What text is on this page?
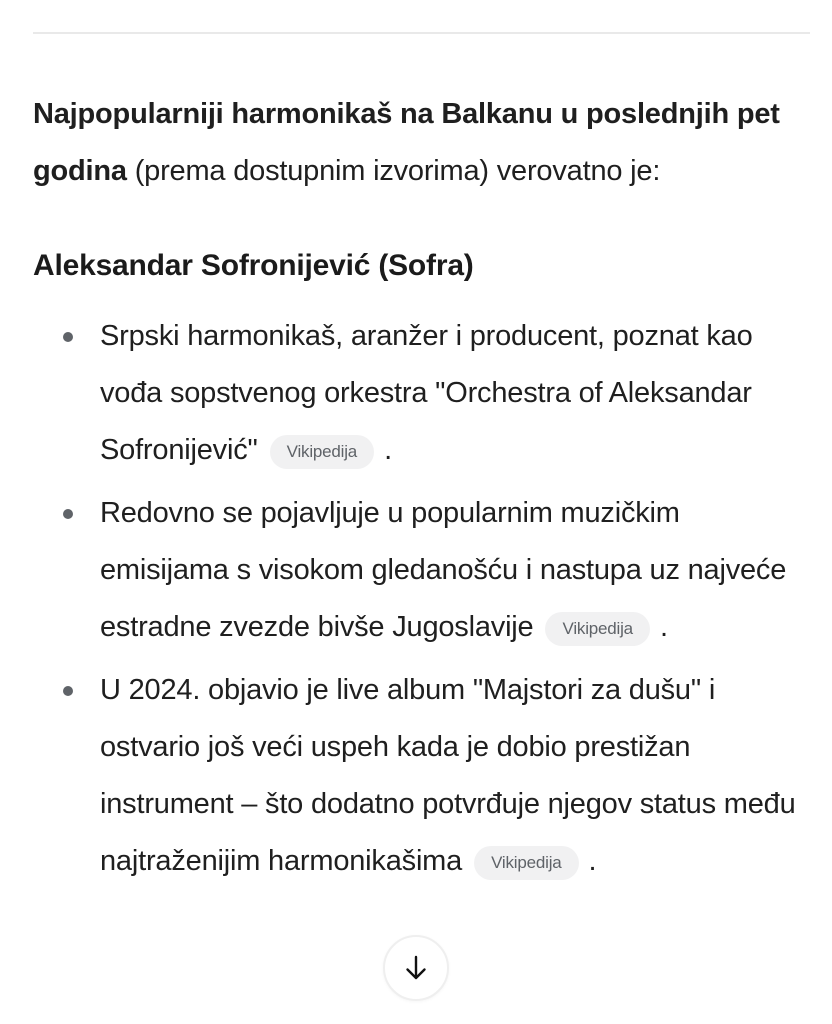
Najpopularniji harmonikaš na Balkanu u poslednjih pet godina (prema dostupnim izvorima) verovatno je:

Aleksandar Sofronijević (Sofra)
Srpski harmonikaš, aranžer i producent, poznat kao vođa sopstvenog orkestra "Orchestra of Aleksandar Sofronijević" Vikipedija .
Redovno se pojavljuje u popularnim muzičkim emisijama s visokom gledanošću i nastupa uz najveće estradne zvezde bivše Jugoslavije Vikipedija .
U 2024. objavio je live album "Majstori za dušu" i ostvario još veći uspeh kada je dobio prestižan instrument – što dodatno potvrđuje njegov status među najtraženijim harmonikašima Vikipedija .
